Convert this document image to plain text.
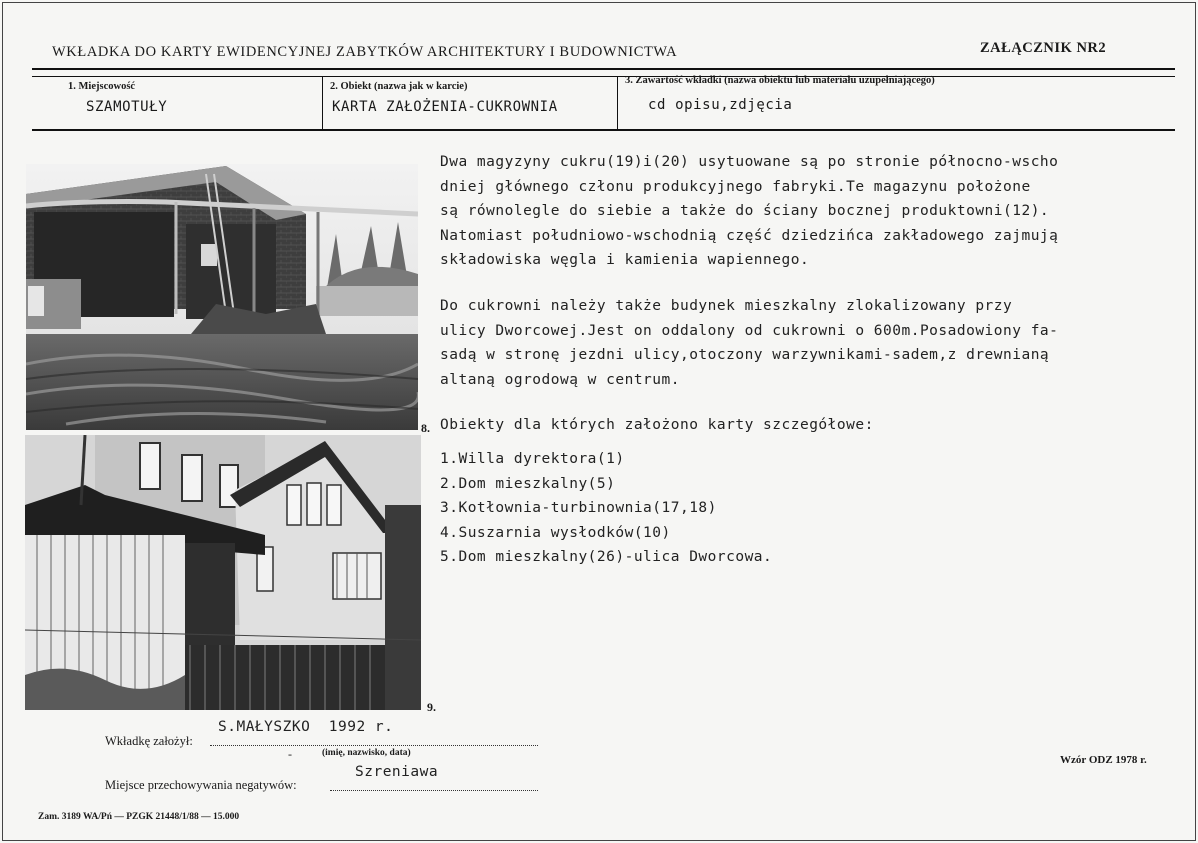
WKŁADKA DO KARTY EWIDENCYJNEJ ZABYTKÓW ARCHITEKTURY I BUDOWNICTWA	ZAŁĄCZNIK NR2
1. Miejscowość
SZAMOTUŁY
2. Obiekt (nazwa jak w karcie)
KARTA ZAŁOŻENIA-CUKROWNIA
3. Zawartość wkładki (nazwa obiektu lub materiału uzupełniającego)
cd opisu,zdjęcia
8.
9.

Dwa magyzyny cukru(19)i(20) usytuowane są po stronie północno-wscho

dniej głównego członu produkcyjnego fabryki.Te magazynu położone

są równolegle do siebie a także do ściany bocznej produktowni(12).

Natomiast południowo-wschodnią część dziedzińca zakładowego zajmują

składowiska węgla i kamienia wapiennego.

Do cukrowni należy także budynek mieszkalny zlokalizowany przy

ulicy Dworcowej.Jest on oddalony od cukrowni o 600m.Posadowiony fa-

sadą w stronę jezdni ulicy,otoczony warzywnikami-sadem,z drewnianą

altaną ogrodową w centrum.

Obiekty dla których założono karty szczegółowe:
1.Willa dyrektora(1)
2.Dom mieszkalny(5)
3.Kotłownia-turbinownia(17,18)
4.Suszarnia wysłodków(10)
5.Dom mieszkalny(26)-ulica Dworcowa.
Wkładkę założył:
S.MAŁYSZKO  1992 r.
(imię, nazwisko, data)
-
Szreniawa
Miejsce przechowywania negatywów:
Wzór ODZ 1978 r.
Zam. 3189 WA/Pń — PZGK 21448/1/88 — 15.000
